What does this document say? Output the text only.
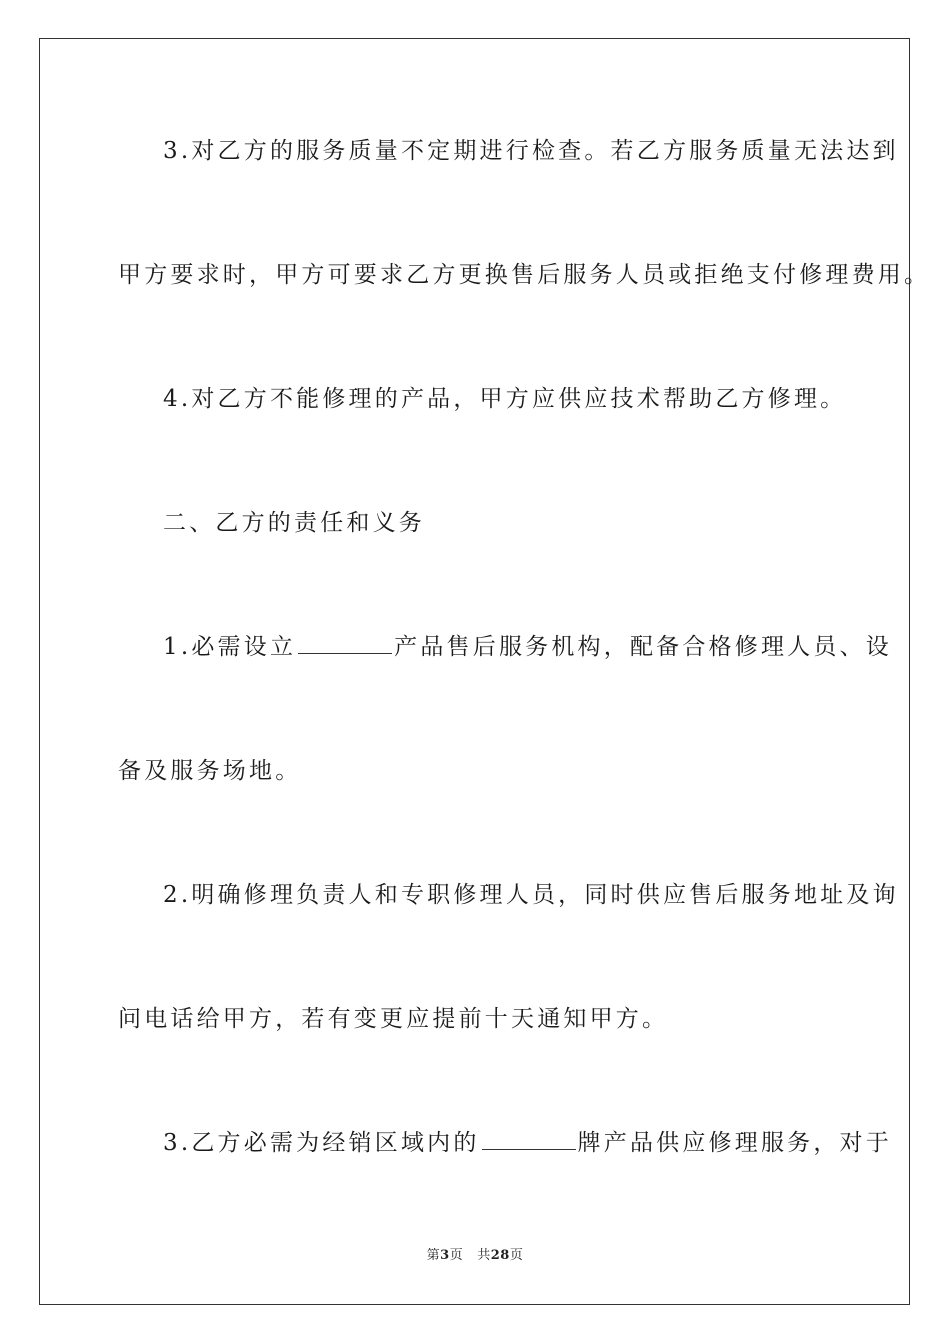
3.对乙方的服务质量不定期进行检查。若乙方服务质量无法达到
甲方要求时，甲方可要求乙方更换售后服务人员或拒绝支付修理费用。
4.对乙方不能修理的产品，甲方应供应技术帮助乙方修理。
二、乙方的责任和义务
1.必需设立	产品售后服务机构，配备合格修理人员、设
备及服务场地。
2.明确修理负责人和专职修理人员，同时供应售后服务地址及询
问电话给甲方，若有变更应提前十天通知甲方。
3.乙方必需为经销区域内的	牌产品供应修理服务，对于
第3页 共28页
